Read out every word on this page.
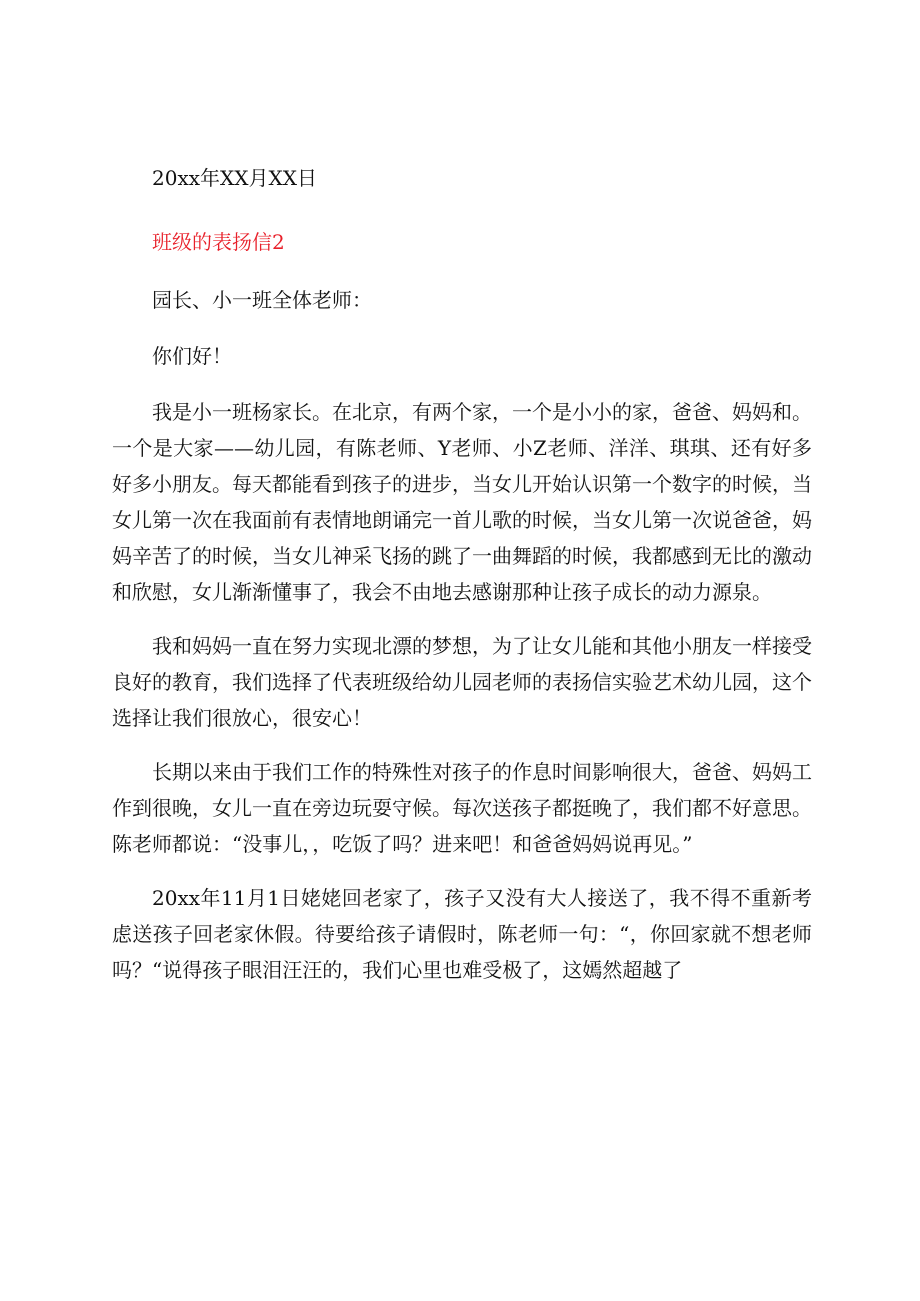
20xx年XX月XX日

班级的表扬信2

园长、小一班全体老师：

你们好！

我是小一班杨家长。在北京，有两个家，一个是小小的家，爸爸、妈妈和。一个是大家——幼儿园，有陈老师、Y老师、小Z老师、洋洋、琪琪、还有好多好多小朋友。每天都能看到孩子的进步，当女儿开始认识第一个数字的时候，当女儿第一次在我面前有表情地朗诵完一首儿歌的时候，当女儿第一次说爸爸，妈妈辛苦了的时候，当女儿神采飞扬的跳了一曲舞蹈的时候，我都感到无比的激动和欣慰，女儿渐渐懂事了，我会不由地去感谢那种让孩子成长的动力源泉。

我和妈妈一直在努力实现北漂的梦想，为了让女儿能和其他小朋友一样接受良好的教育，我们选择了代表班级给幼儿园老师的表扬信实验艺术幼儿园，这个选择让我们很放心，很安心！

长期以来由于我们工作的特殊性对孩子的作息时间影响很大，爸爸、妈妈工作到很晚，女儿一直在旁边玩耍守候。每次送孩子都挺晚了，我们都不好意思。陈老师都说：“没事儿，，吃饭了吗？进来吧！和爸爸妈妈说再见。”

20xx年11月1日姥姥回老家了，孩子又没有大人接送了，我不得不重新考虑送孩子回老家休假。待要给孩子请假时，陈老师一句：“，你回家就不想老师吗？“说得孩子眼泪汪汪的，我们心里也难受极了，这嫣然超越了
